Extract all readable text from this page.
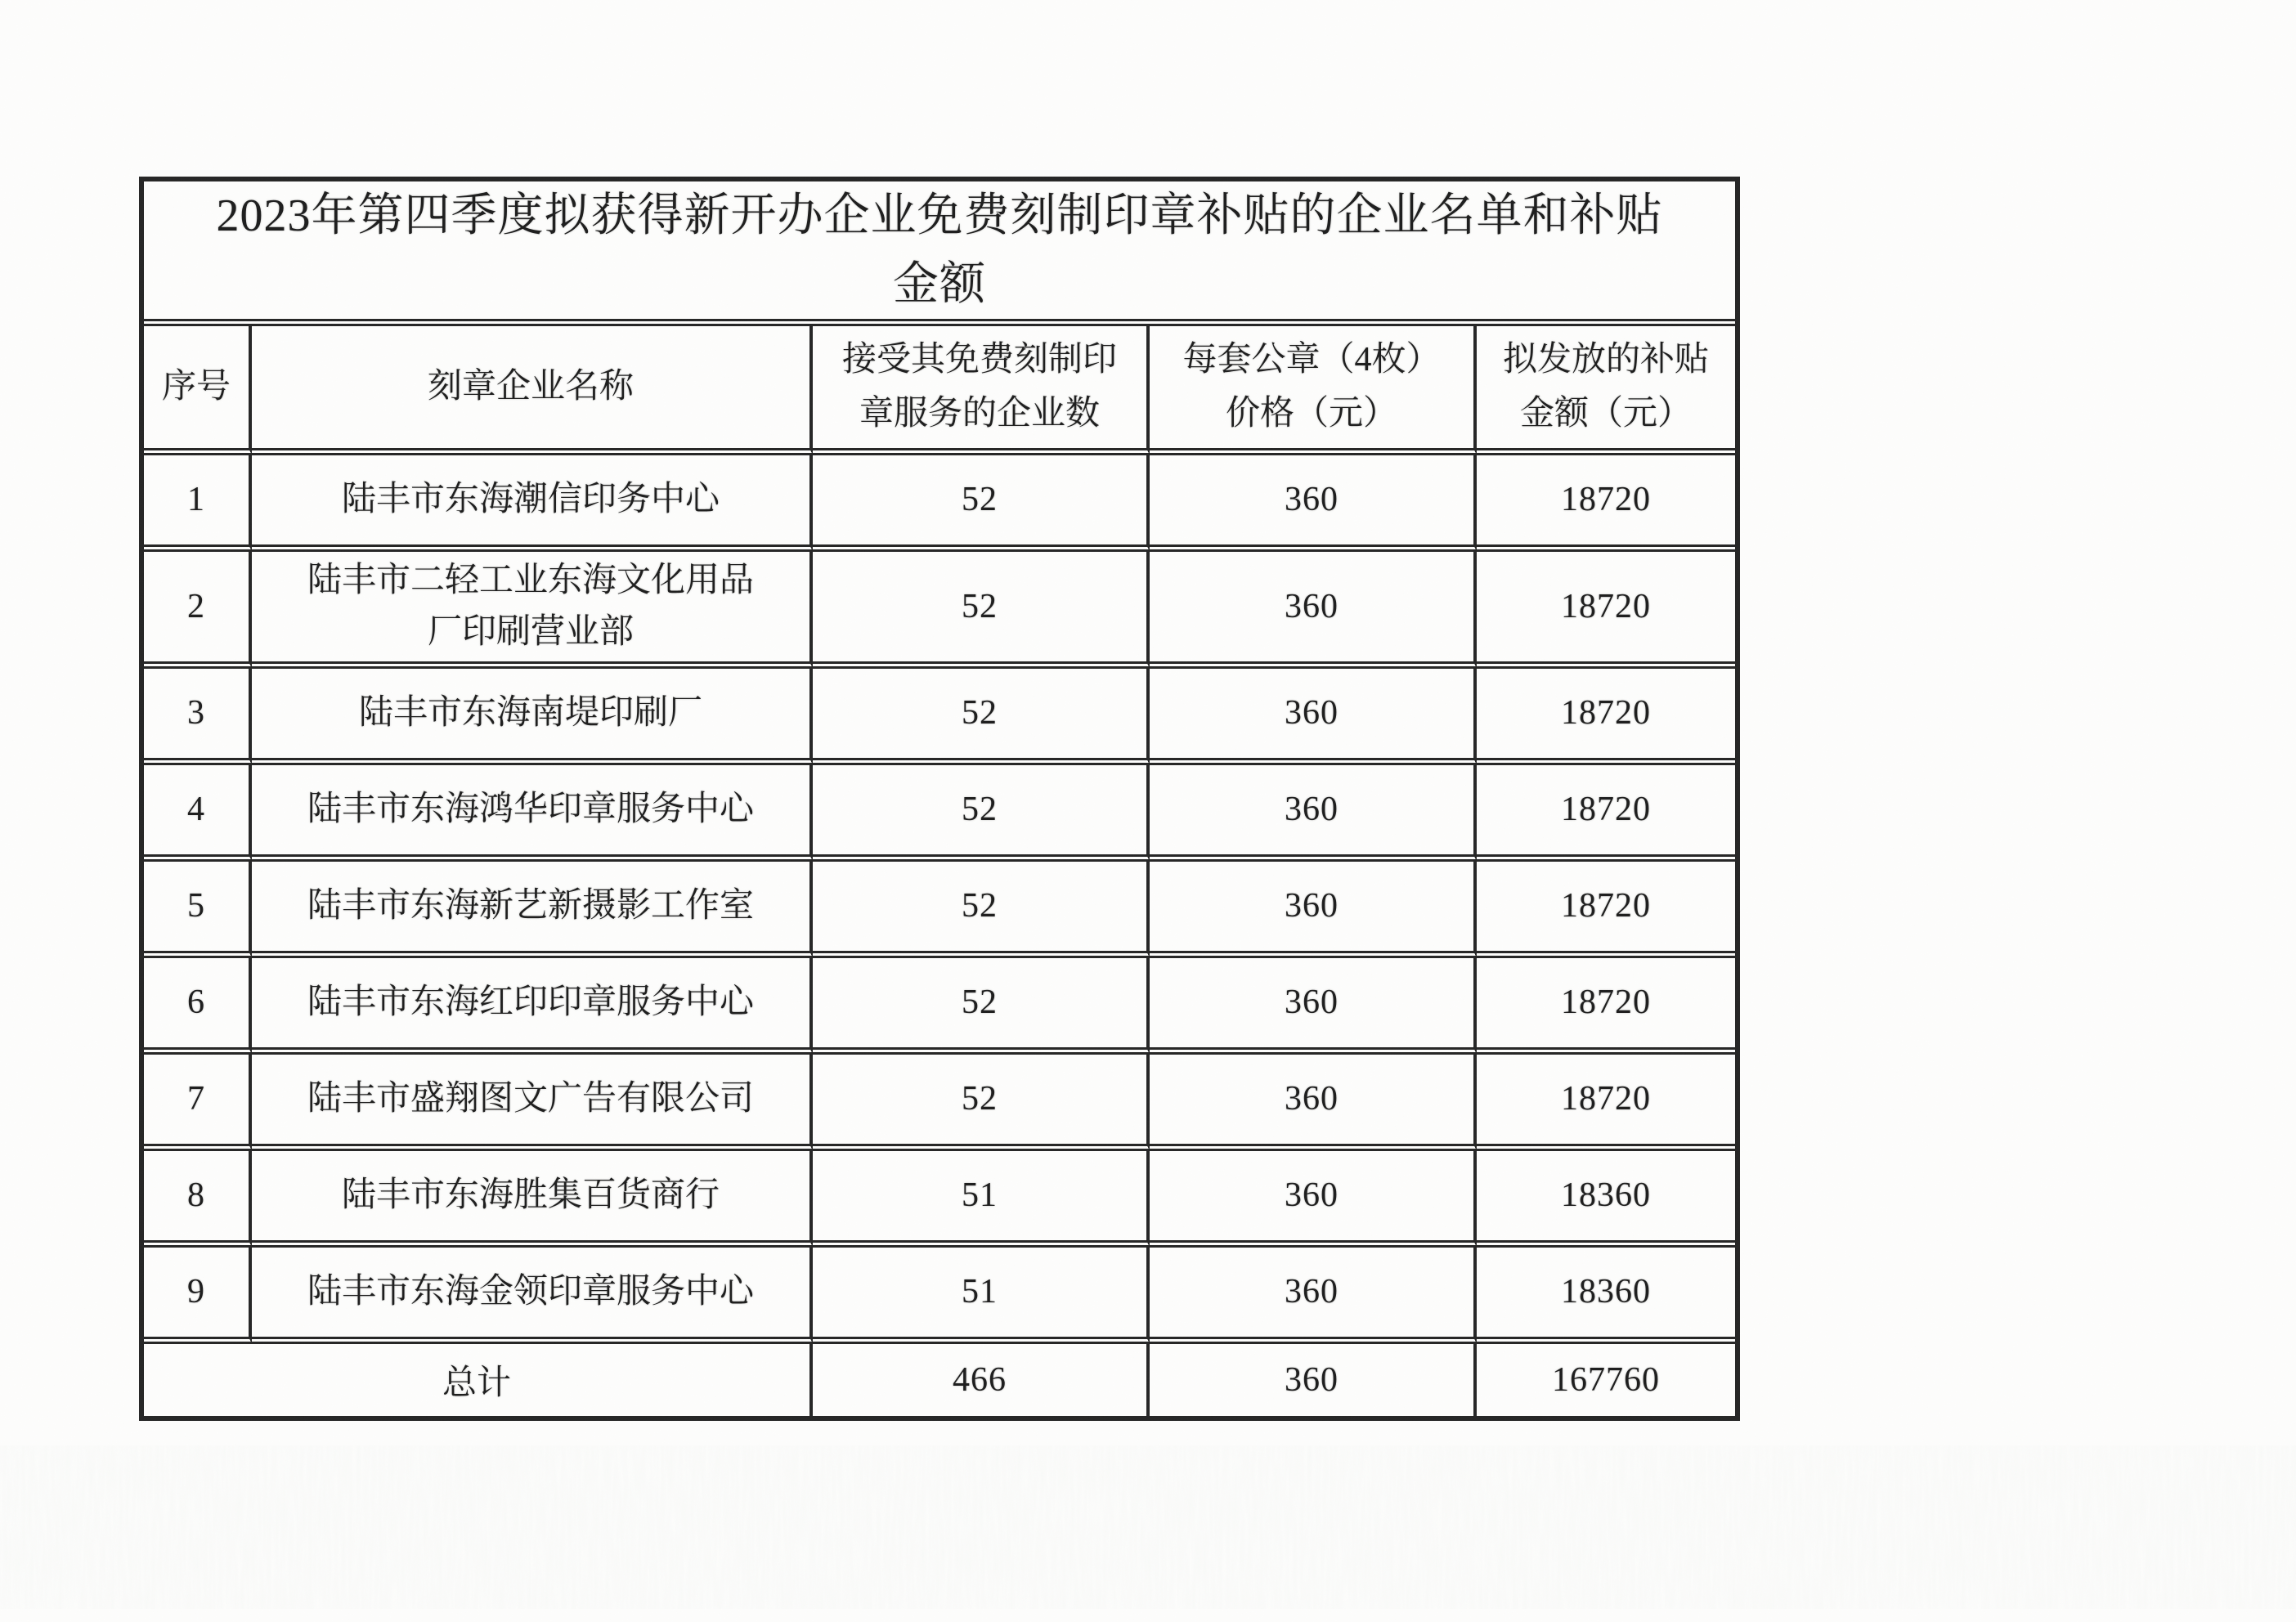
2023年第四季度拟获得新开办企业免费刻制印章补贴的企业名单和补贴
金额				

序号	刻章企业名称	接受其免费刻制印章服务的企业数	每套公章（4枚）价格（元）	拟发放的补贴金额（元）
1	陆丰市东海潮信印务中心	52	360	18720
2	陆丰市二轻工业东海文化用品厂印刷营业部	52	360	18720
3	陆丰市东海南堤印刷厂	52	360	18720
4	陆丰市东海鸿华印章服务中心	52	360	18720
5	陆丰市东海新艺新摄影工作室	52	360	18720
6	陆丰市东海红印印章服务中心	52	360	18720
7	陆丰市盛翔图文广告有限公司	52	360	18720
8	陆丰市东海胜集百货商行	51	360	18360
9	陆丰市东海金领印章服务中心	51	360	18360
总计		466	360	167760
